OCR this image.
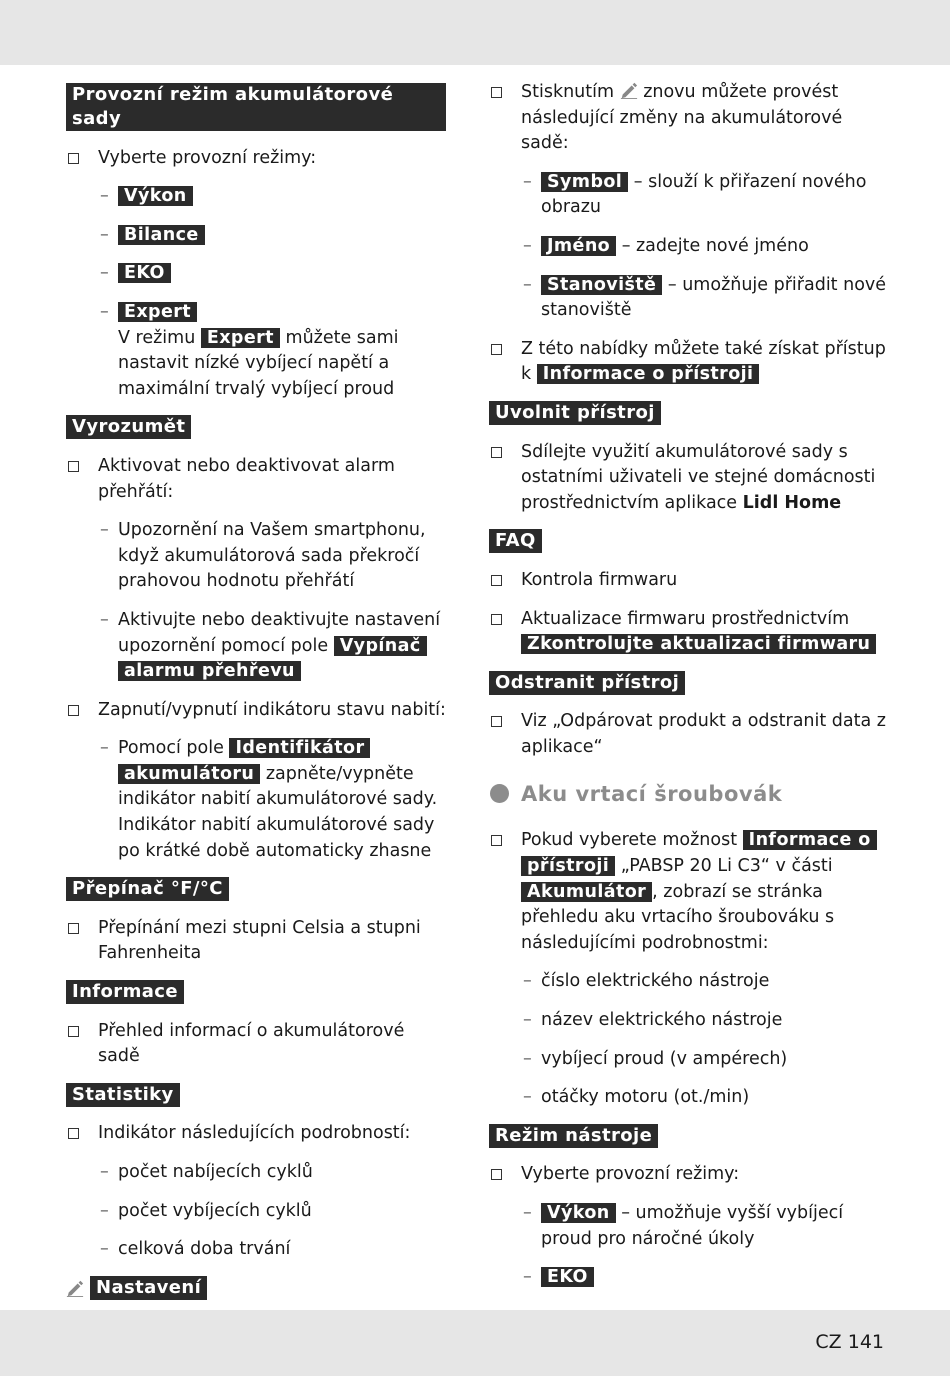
Provozní režim akumulátorové sady
Vyberte provozní režimy:
– Výkon
– Bilance
– EKO
– Expert
V režimu Expert můžete sami nastavit nízké vybíjecí napětí a maximální trvalý vybíjecí proud
Vyrozumět
Aktivovat nebo deaktivovat alarm přehřátí:
– Upozornění na Vašem smartphonu, když akumulátorová sada překročí prahovou hodnotu přehřátí
– Aktivujte nebo deaktivujte nastavení upozornění pomocí pole Vypínač alarmu přehřevu
Zapnutí/vypnutí indikátoru stavu nabití:
– Pomocí pole Identifikátor akumulátoru zapněte/vypněte indikátor nabití akumulátorové sady. Indikátor nabití akumulátorové sady po krátké době automaticky zhasne
Přepínač °F/°C
Přepínání mezi stupni Celsia a stupni Fahrenheita
Informace
Přehled informací o akumulátorové sadě
Statistiky
Indikátor následujících podrobností:
– počet nabíjecích cyklů
– počet vybíjecích cyklů
– celková doba trvání
Nastavení
Stisknutím znovu můžete provést následující změny na akumulátorové sadě:
– Symbol – slouží k přiřazení nového obrazu
– Jméno – zadejte nové jméno
– Stanoviště – umožňuje přiřadit nové stanoviště
Z této nabídky můžete také získat přístup k Informace o přístroji
Uvolnit přístroj
Sdílejte využití akumulátorové sady s ostatními uživateli ve stejné domácnosti prostřednictvím aplikace Lidl Home
FAQ
Kontrola firmwaru
Aktualizace firmwaru prostřednictvím Zkontrolujte aktualizaci firmwaru
Odstranit přístroj
Viz „Odpárovat produkt a odstranit data z aplikace“
Aku vrtací šroubovák
Pokud vyberete možnost Informace o přístroji „PABSP 20 Li C3“ v části Akumulátor , zobrazí se stránka přehledu aku vrtacího šroubováku s následujícími podrobnostmi:
– číslo elektrického nástroje
– název elektrického nástroje
– vybíjecí proud (v ampérech)
– otáčky motoru (ot./min)
Režim nástroje
Vyberte provozní režimy:
– Výkon – umožňuje vyšší vybíjecí proud pro náročné úkoly
– EKO
CZ 141
